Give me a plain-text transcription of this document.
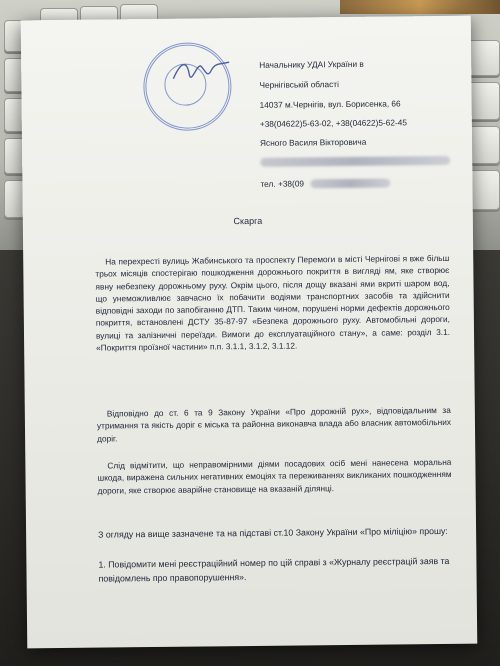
Начальнику УДАІ України в
Чернігівській області
14037 м.Чернігів, вул. Борисенка, 66
+38(04622)5-63-02, +38(04622)5-62-45
Ясного Василя Вікторовича
тел. +38(09
Скарга
На перехресті вулиць Жабинського та проспекту Перемоги в місті Чернігові я вже більш трьох місяців спостерігаю пошкодження дорожнього покриття в вигляді ям, яке створює явну небезпеку дорожньому руху. Окрім цього, після дощу вказані ями вкриті шаром вод, що унеможливлює завчасно їх побачити водіями транспортних засобів та здійснити відповідні заходи по запобіганню ДТП. Таким чином, порушені норми дефектів дорожнього покриття, встановлені ДСТУ 35-87-97 «Безпека дорожнього руху. Автомобільні дороги, вулиці та залізничні переїзди. Вимоги до експлуатаційного стану», а саме: розділ 3.1. «Покриття проїзної частини» п.п. 3.1.1, 3.1.2, 3.1.12.
Відповідно до ст. 6 та 9 Закону України «Про дорожній рух», відповідальним за утримання та якість доріг є міська та районна виконавча влада або власник автомобільних доріг.
Слід відмітити, що неправомірними діями посадових осіб мені нанесена моральна шкода, виражена сильних негативних емоціях та переживаннях викликаних пошкодженням дороги, яке створює аварійне становище на вказаній ділянці.
З огляду на вище зазначене та на підставі ст.10 Закону України «Про міліцію» прошу:
1. Повідомити мені реєстраційний номер по цій справі з «Журналу реєстрацій заяв та повідомлень про правопорушення».
